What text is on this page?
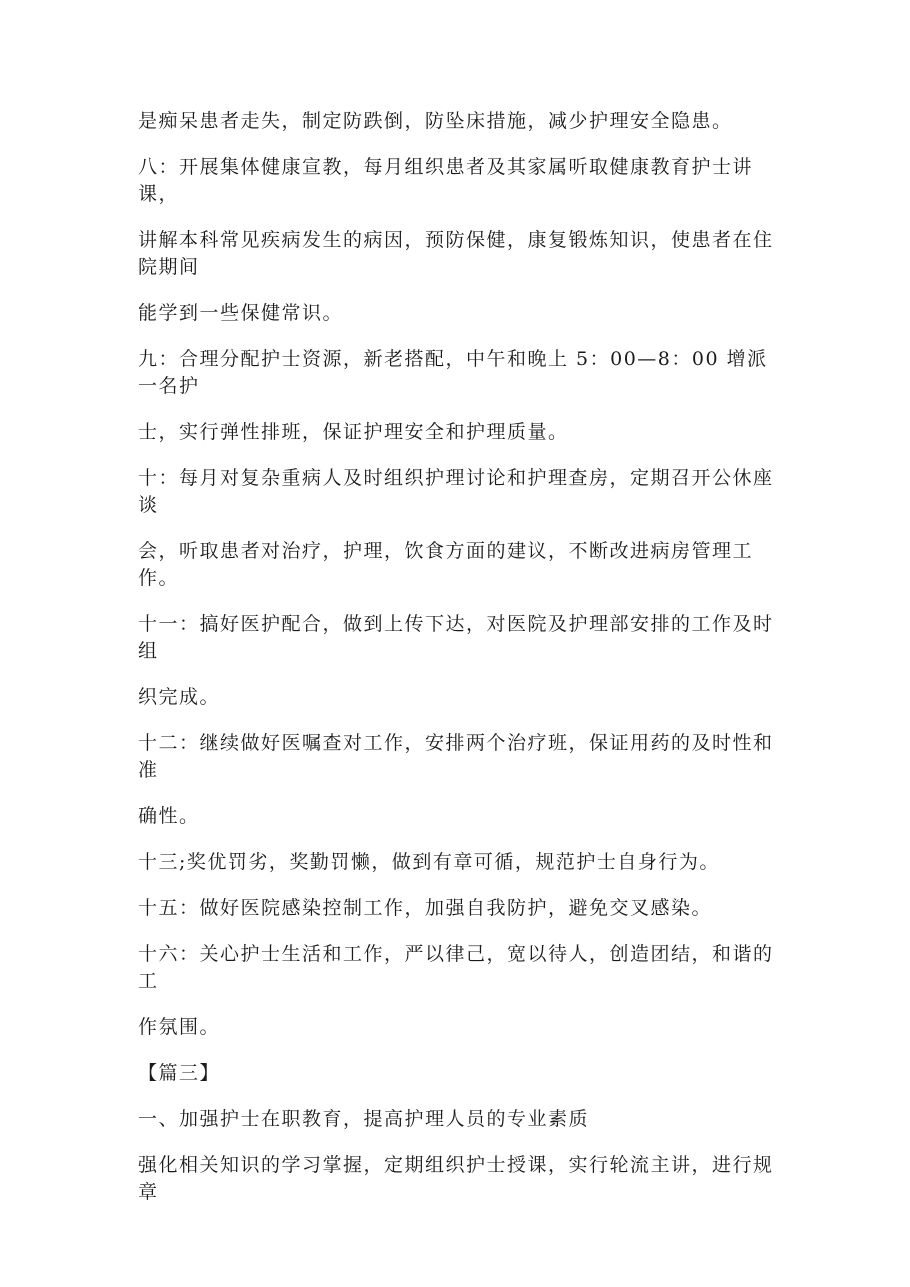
是痴呆患者走失，制定防跌倒，防坠床措施，减少护理安全隐患。

八：开展集体健康宣教，每月组织患者及其家属听取健康教育护士讲课，

讲解本科常见疾病发生的病因，预防保健，康复锻炼知识，使患者在住院期间

能学到一些保健常识。

九：合理分配护士资源，新老搭配，中午和晚上 5：00—8：00 增派一名护

士，实行弹性排班，保证护理安全和护理质量。

十：每月对复杂重病人及时组织护理讨论和护理查房，定期召开公休座谈

会，听取患者对治疗，护理，饮食方面的建议，不断改进病房管理工作。

十一：搞好医护配合，做到上传下达，对医院及护理部安排的工作及时组

织完成。

十二：继续做好医嘱查对工作，安排两个治疗班，保证用药的及时性和准

确性。

十三;奖优罚劣，奖勤罚懒，做到有章可循，规范护士自身行为。

十五：做好医院感染控制工作，加强自我防护，避免交叉感染。

十六：关心护士生活和工作，严以律己，宽以待人，创造团结，和谐的工

作氛围。

【篇三】

一、加强护士在职教育，提高护理人员的专业素质

强化相关知识的学习掌握，定期组织护士授课，实行轮流主讲，进行规章
